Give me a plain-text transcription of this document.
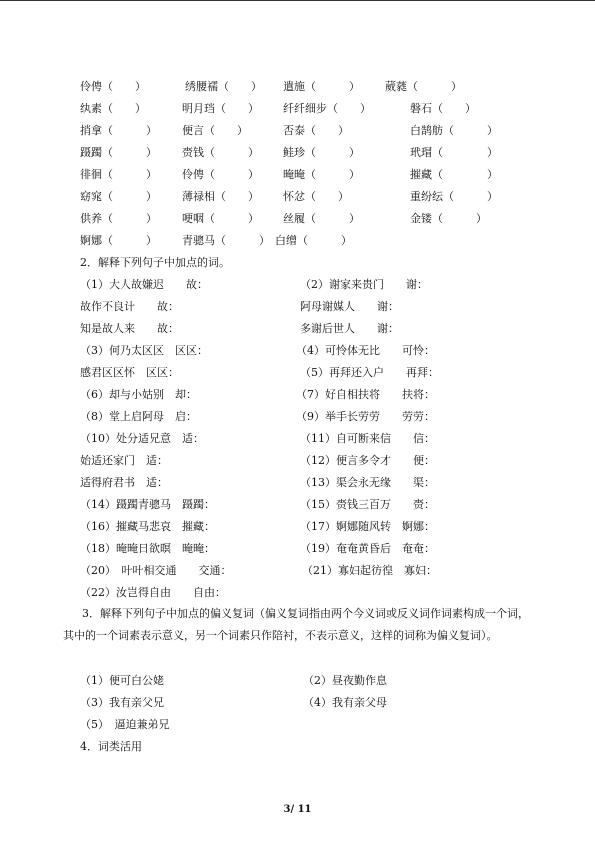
伶俜（　　）	绣腰襦（　　） 遣施（　　　） 葳蕤（　　　）
纨素（　　）	明月珰（　　） 纤纤细步（　　）	磐石（　　）
捎拿（　　　） 便言（　　）	否泰（　　）	白鹄舫（　　　）
蹑躅（　　　） 赍钱（　　　） 鲑珍（　　　）	玳瑁（　　　　）
徘徊（　　　） 伶俜（　　　） 晻晻（　　　）	摧藏（　　　　）
窈窕（　　　） 薄禄相（　　） 怀忿（　　）	重纷纭（　　　）
供养（　　　） 哽咽（　　　） 丝履（　　　）	金镂（　　　）
婀娜（　　　） 青骢马（　　　） 白缯（　　　）
2．解释下列句子中加点的词。
（1）大人故嫌迟　　故：	（2）谢家来贵门　　谢：
故作不良计　　故：	阿母谢媒人　　谢：
知是故人来　　故：	多谢后世人　　谢：
（3）何乃太区区　区区：	（4）可怜体无比　　可怜：
感君区区怀　区区：	（5）再拜还入户　　再拜：
（6）却与小姑别　却：	（7）好自相扶将　　扶将：
（8）堂上启阿母　启：	（9）举手长劳劳　　劳劳：
（10）处分适兄意　适：	（11）自可断来信　　信：
始适还家门　适：	（12）便言多令才　　便：
适得府君书　适：	（13）渠会永无缘　　渠：
（14）蹑躅青骢马　蹑躅：	（15）赍钱三百万　　赍：
（16）摧藏马悲哀　摧藏：	（17）婀娜随风转　婀娜：
（18）晻晻日欲暝　晻晻：	（19）奄奄黄昏后　奄奄：
（20）　叶叶相交通　　交通：	（21）寡妇起彷徨　寡妇：
（22）汝岂得自由　　自由：
3．解释下列句子中加点的偏义复词（偏义复词指由两个今义词或反义词作词素构成一个词，其中的一个词素表示意义，另一个词素只作陪衬，不表示意义，这样的词称为偏义复词）。
（1）便可白公姥	（2）昼夜勤作息
（3）我有亲父兄	（4）我有亲父母
（5）　逼迫兼弟兄
4．词类活用
3/ 11
